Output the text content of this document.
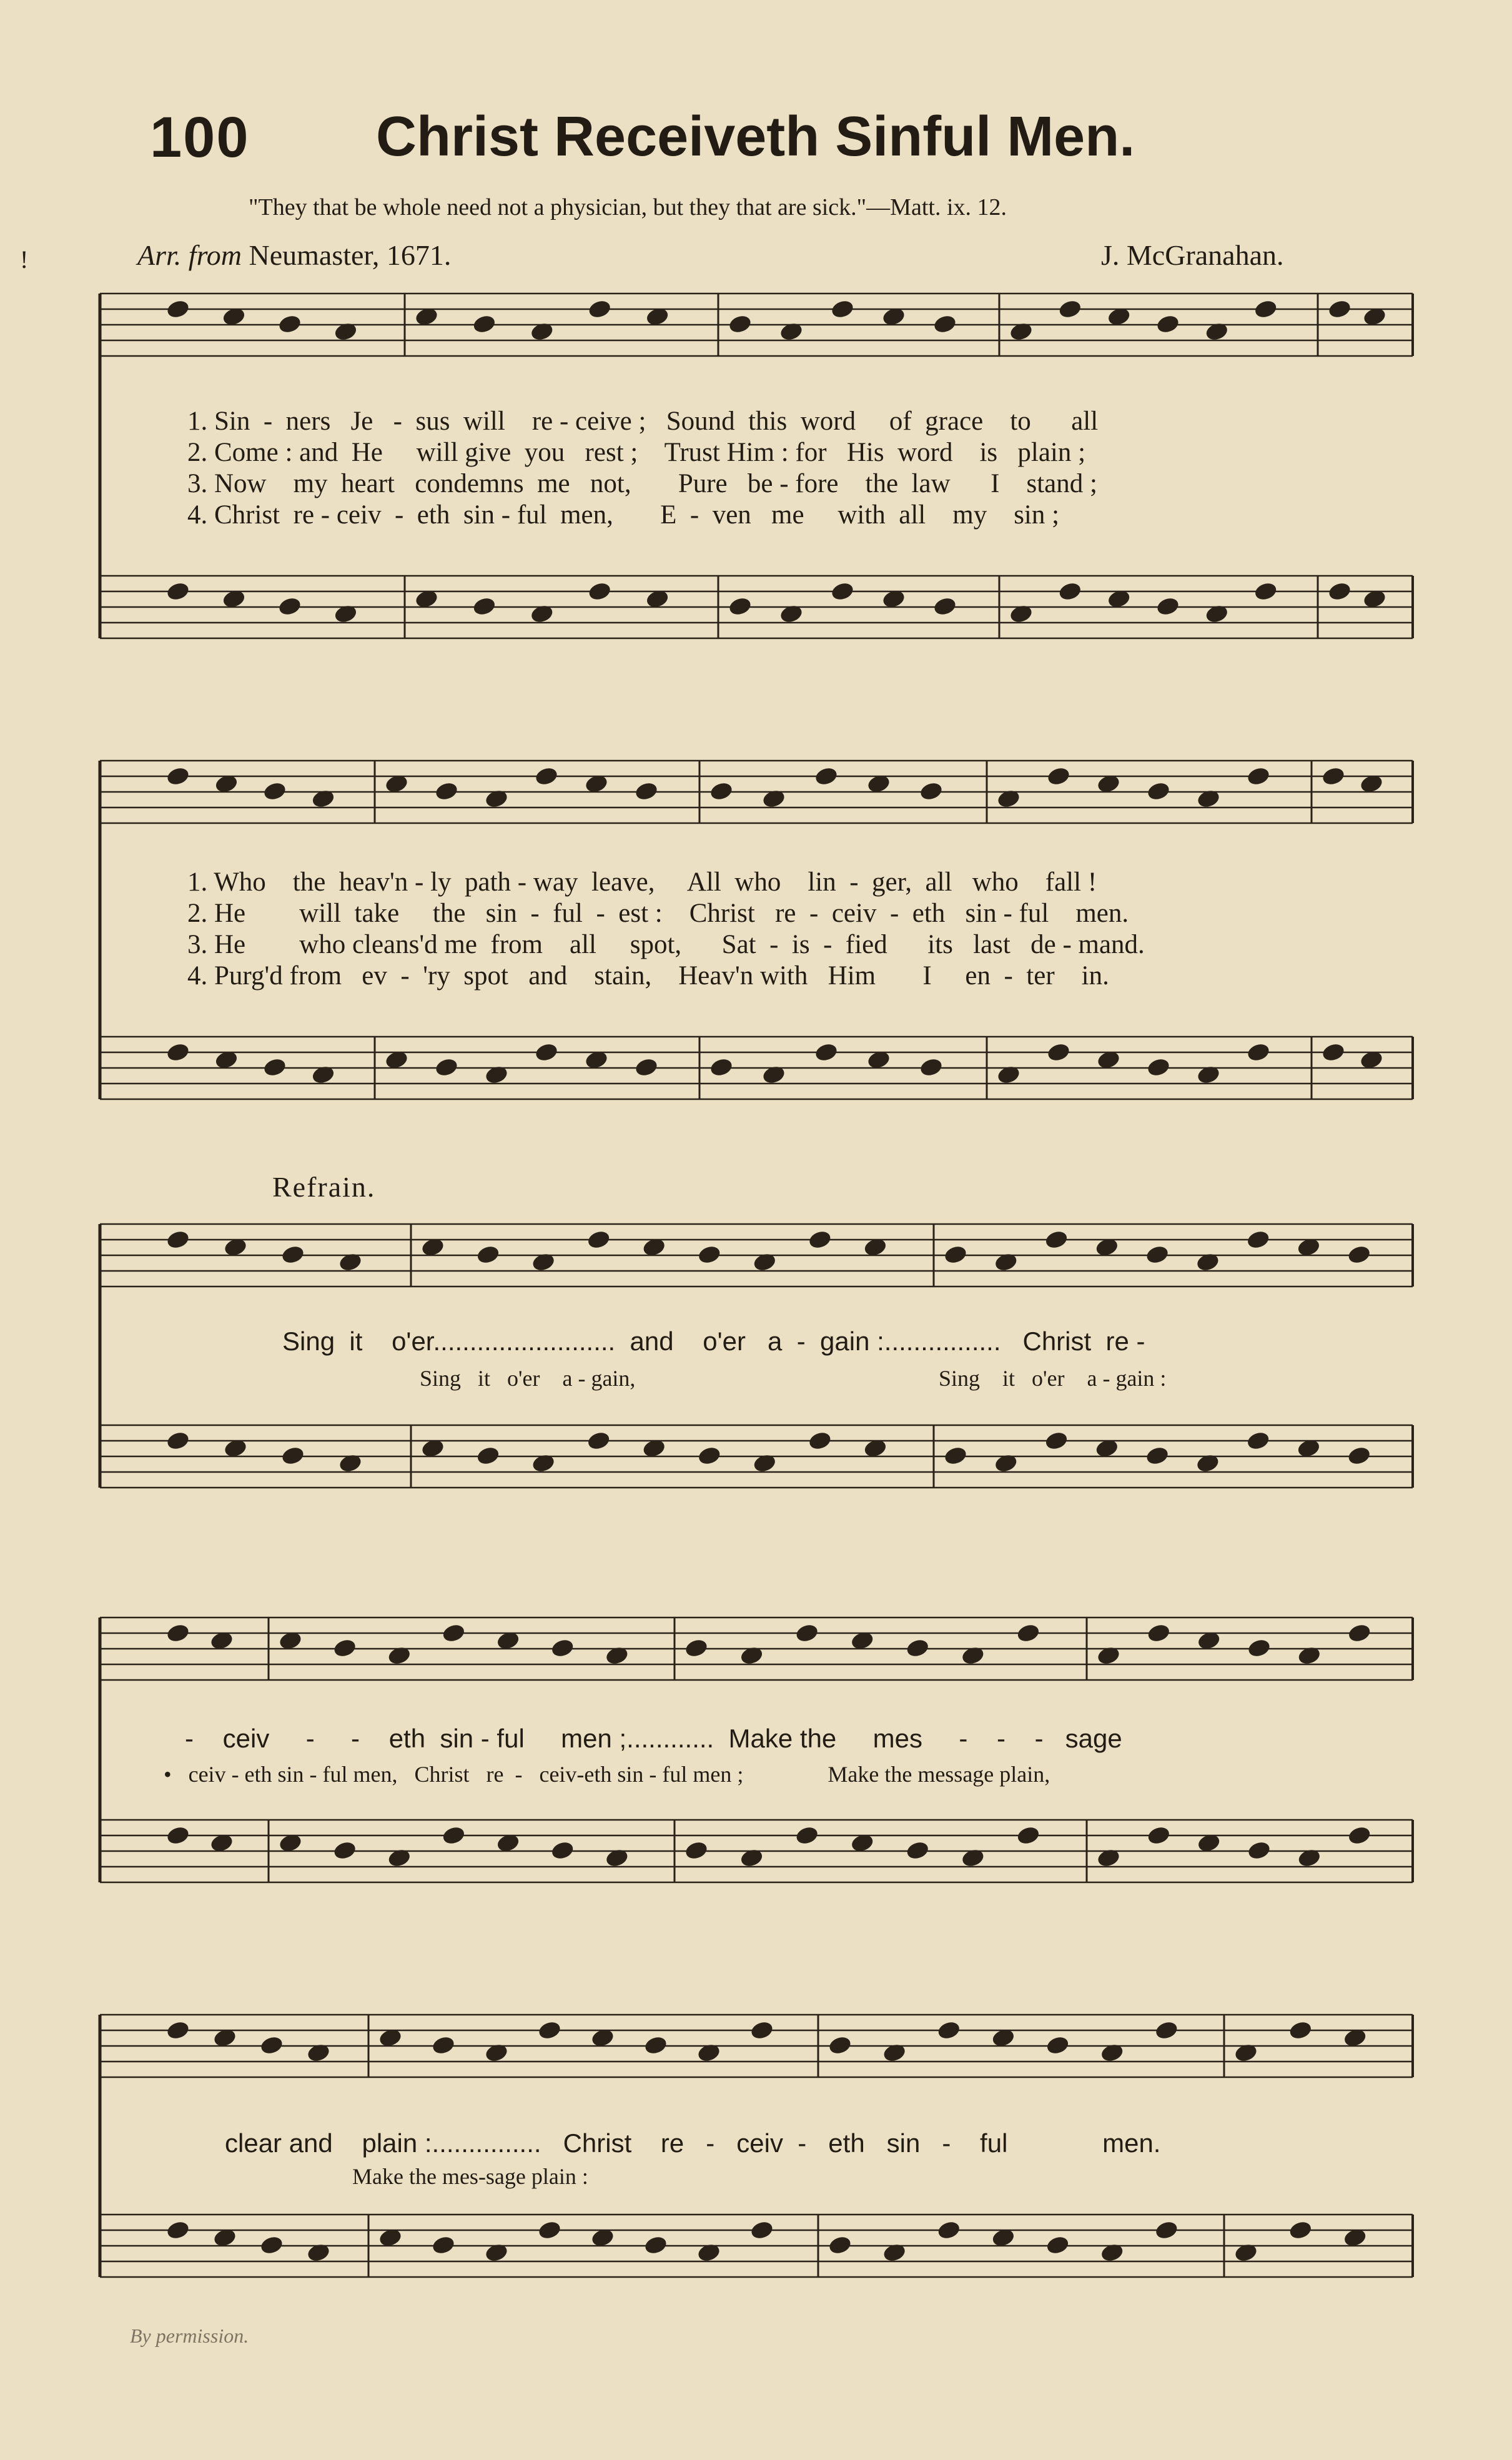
100 Christ Receiveth Sinful Men.
"They that be whole need not a physician, but they that are sick."—Matt. ix. 12.
!	Arr. from Neumaster, 1671.	J. McGranahan.
1. Sin  -  ners   Je   -  sus  will    re - ceive ;   Sound  this  word     of  grace    to      all
2. Come : and  He     will give  you   rest ;    Trust Him : for   His  word    is   plain ;
3. Now    my  heart   condemns  me   not,       Pure   be - fore    the  law      I    stand ;
4. Christ  re - ceiv  -  eth  sin - ful  men,       E  -  ven   me     with  all    my    sin ;
1. Who    the  heav'n - ly  path - way  leave,     All  who    lin  -  ger,  all   who    fall !
2. He        will  take     the   sin  -  ful  -  est :    Christ   re  -  ceiv  -  eth   sin - ful    men.
3. He        who cleans'd me  from    all     spot,      Sat  -  is  -  fied      its   last   de - mand.
4. Purg'd from   ev  -  'ry  spot   and    stain,    Heav'n with   Him       I     en  -  ter    in.
Refrain.
Sing  it    o'er.........................  and    o'er   a  -  gain :................   Christ  re -
Sing   it   o'er    a - gain,	Sing    it   o'er    a - gain :
-    ceiv     -     -    eth  sin - ful     men ;............  Make the     mes     -    -    -   sage
•   ceiv - eth sin - ful men,   Christ   re  -   ceiv-eth sin - ful men ;               Make the message plain,
clear and    plain :...............   Christ    re   -   ceiv  -   eth   sin   -    ful             men.
Make the mes-sage plain :
By permission.
